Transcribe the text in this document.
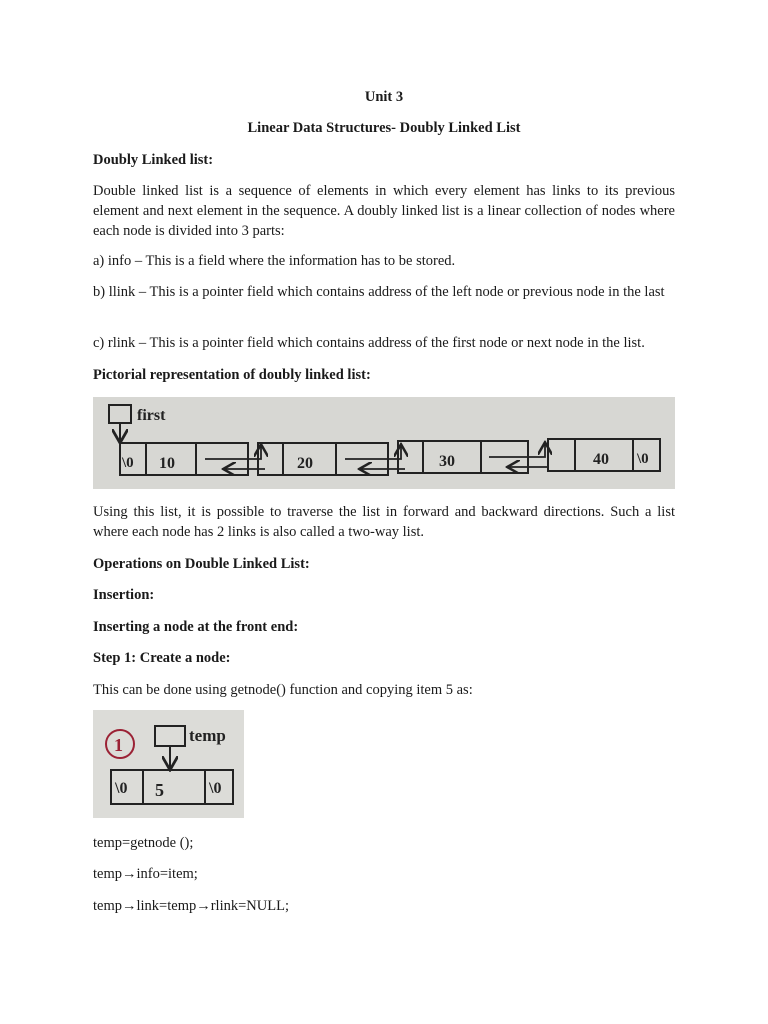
Unit 3

Linear Data Structures- Doubly Linked List

Doubly Linked list:

Double linked list is a sequence of elements in which every element has links to its previous element and next element in the sequence. A doubly linked list is a linear collection of nodes where each node is divided into 3 parts:

a) info – This is a field where the information has to be stored.

b) llink – This is a pointer field which contains address of the left node or previous node in the last

c) rlink – This is a pointer field which contains address of the first node or next node in the list.

Pictorial representation of doubly linked list:

first
\0 10	20	30	40 \0

Using this list, it is possible to traverse the list in forward and backward directions. Such a list where each node has 2 links is also called a two-way list.

Operations on Double Linked List:

Insertion:

Inserting a node at the front end:

Step 1: Create a node:

This can be done using getnode() function and copying item 5 as:

1	temp
\0 5	\0

temp=getnode ();

temp→info=item;

temp→link=temp→rlink=NULL;
